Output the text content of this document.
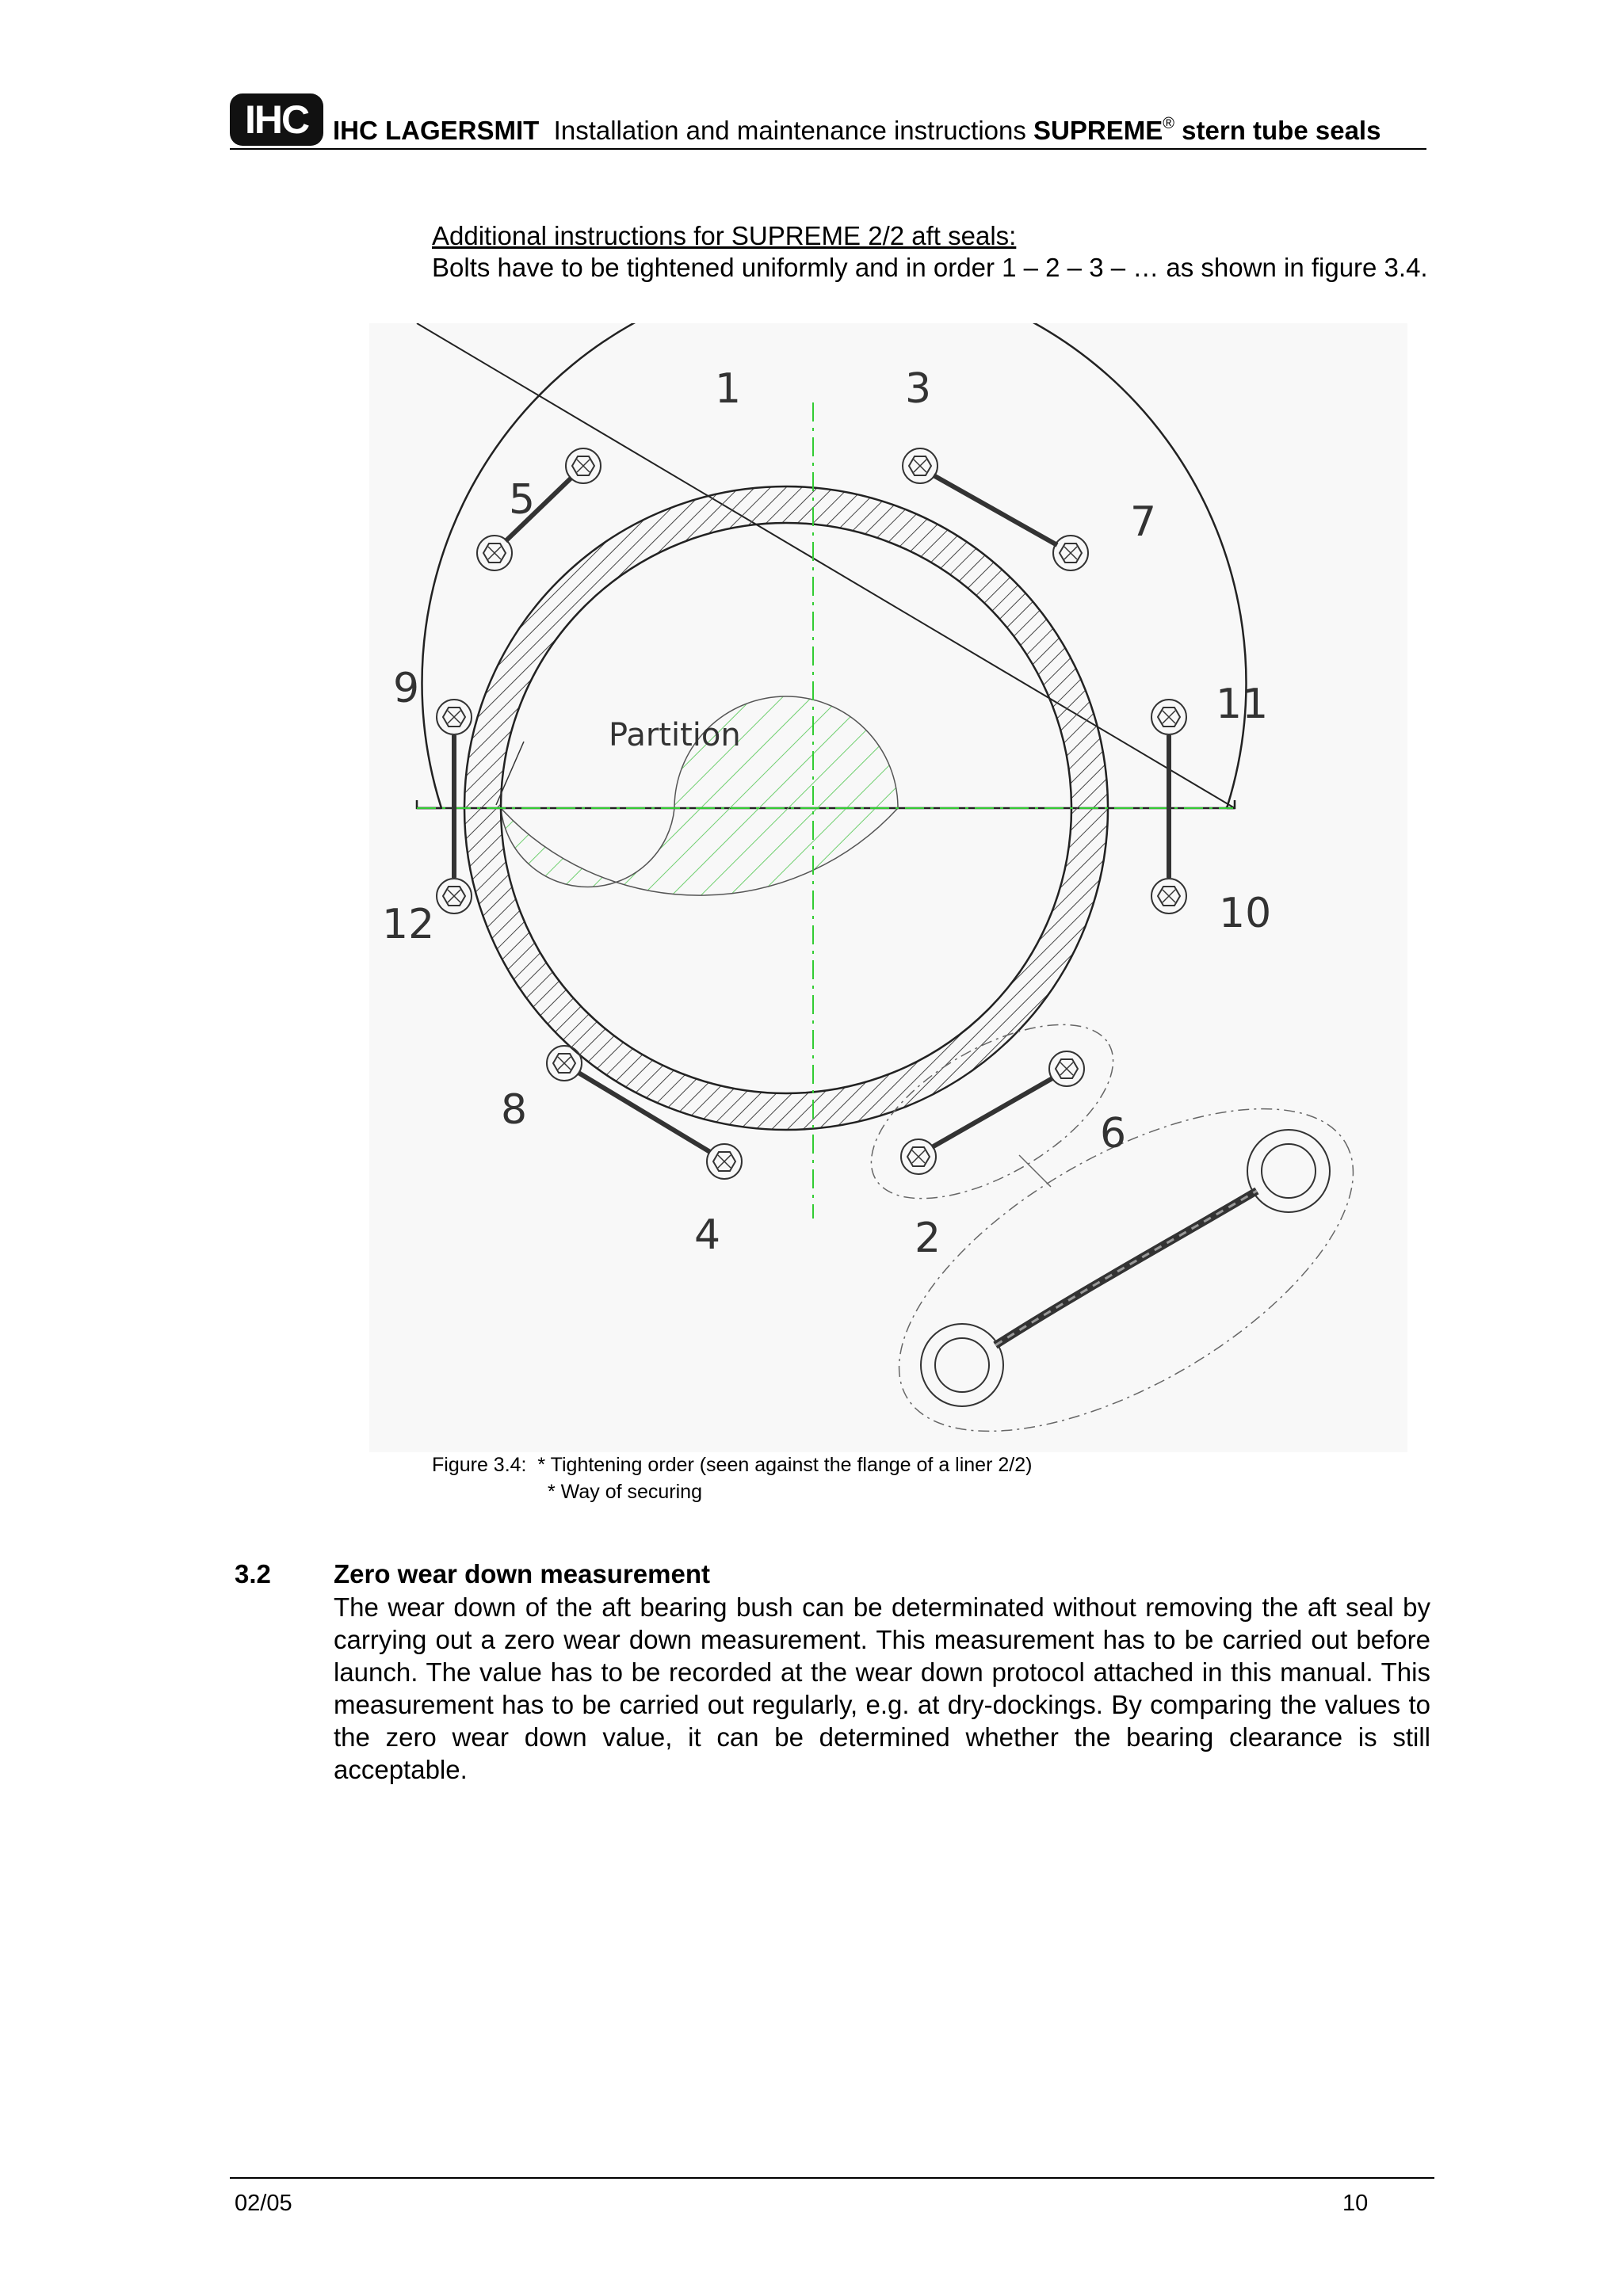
IHC IHC LAGERSMIT Installation and maintenance instructions SUPREME® stern tube seals
Additional instructions for SUPREME 2/2 aft seals:
Bolts have to be tightened uniformly and in order 1 – 2 – 3 – … as shown in figure 3.4.
1	3
5	7
9	11
12	10
8	6
4	2
Partition
Figure 3.4: * Tightening order (seen against the flange of a liner 2/2)
* Way of securing
3.2 Zero wear down measurement
The wear down of the aft bearing bush can be determinated without removing the aft seal by carrying out a zero wear down measurement. This measurement has to be carried out before launch. The value has to be recorded at the wear down protocol attached in this manual. This measurement has to be carried out regularly, e.g. at dry-dockings. By comparing the values to the zero wear down value, it can be determined whether the bearing clearance is still acceptable.
02/05	10
